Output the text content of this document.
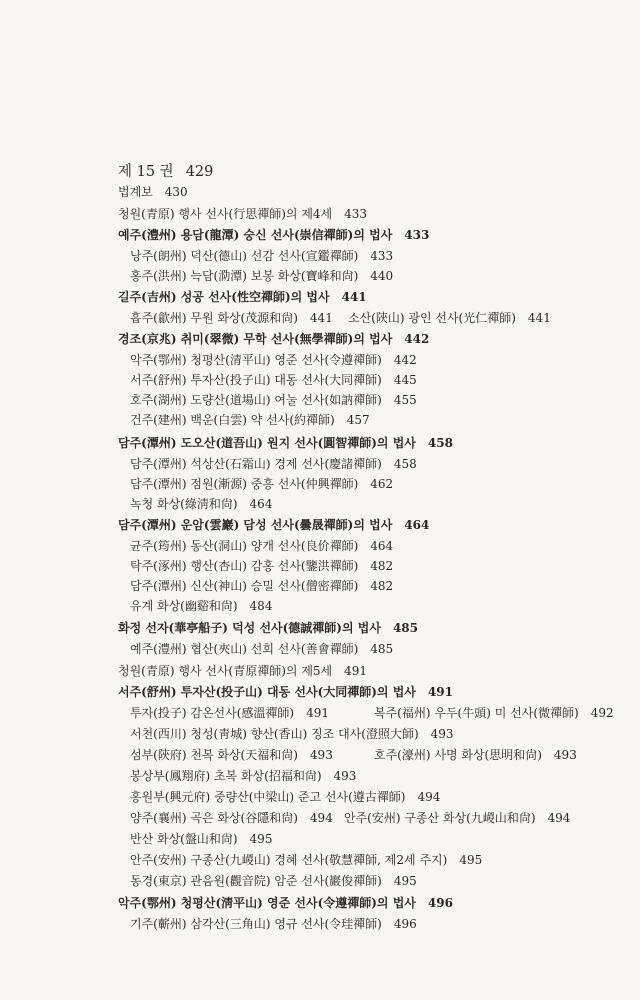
제 15 권 429
법계보 430
청원(青原) 행사 선사(行思禪師)의 제4세 433
예주(澧州) 용담(龍潭) 숭신 선사(崇信禪師)의 법사 433
낭주(朗州) 덕산(德山) 선감 선사(宣鑑禪師) 433
홍주(洪州) 늑담(泐潭) 보봉 화상(寶峰和尙) 440
길주(吉州) 성공 선사(性空禪師)의 법사 441
흡주(歙州) 무원 화상(茂源和尙) 441 소산(陝山) 광인 선사(光仁禪師) 441
경조(京兆) 취미(翠微) 무학 선사(無學禪師)의 법사 442
악주(鄂州) 청평산(清平山) 영준 선사(令遵禪師) 442
서주(舒州) 투자산(投子山) 대동 선사(大同禪師) 445
호주(湖州) 도량산(道場山) 여눌 선사(如訥禪師) 455
건주(建州) 백운(白雲) 약 선사(約禪師) 457
담주(潭州) 도오산(道吾山) 원지 선사(圓智禪師)의 법사 458
담주(潭州) 석상산(石霜山) 경제 선사(慶諸禪師) 458
담주(潭州) 점원(漸源) 중흥 선사(仲興禪師) 462
녹청 화상(綠淸和尙) 464
담주(潭州) 운암(雲巖) 담성 선사(曇晟禪師)의 법사 464
균주(筠州) 동산(洞山) 양개 선사(良价禪師) 464
탁주(涿州) 행산(杏山) 감홍 선사(鑒洪禪師) 482
담주(潭州) 신산(神山) 승밀 선사(僧密禪師) 482
유계 화상(幽谿和尙) 484
화정 선자(華亭船子) 덕성 선사(德誠禪師)의 법사 485
예주(澧州) 협산(夾山) 선회 선사(善會禪師) 485
청원(青原) 행사 선사(青原禪師)의 제5세 491
서주(舒州) 투자산(投子山) 대동 선사(大同禪師)의 법사 491
투자(投子) 감온선사(感溫禪師) 491	복주(福州) 우두(牛頭) 미 선사(微禪師) 492
서천(西川) 청성(靑城) 향산(香山) 징조 대사(澄照大師) 493
섬부(陝府) 천복 화상(天福和尙) 493	호주(濠州) 사명 화상(思明和尙) 493
봉상부(鳳翔府) 초복 화상(招福和尙) 493
홍원부(興元府) 중량산(中梁山) 준고 선사(遵古禪師) 494
양주(襄州) 곡은 화상(谷隱和尙) 494 안주(安州) 구종산 화상(九嵕山和尙) 494
반산 화상(盤山和尙) 495
안주(安州) 구종산(九嵕山) 경혜 선사(敬慧禪師, 제2세 주지) 495
동경(東京) 관음원(觀音院) 암준 선사(巖俊禪師) 495
악주(鄂州) 청평산(淸平山) 영준 선사(令遵禪師)의 법사 496
기주(蘄州) 삼각산(三角山) 영규 선사(令珪禪師) 496
